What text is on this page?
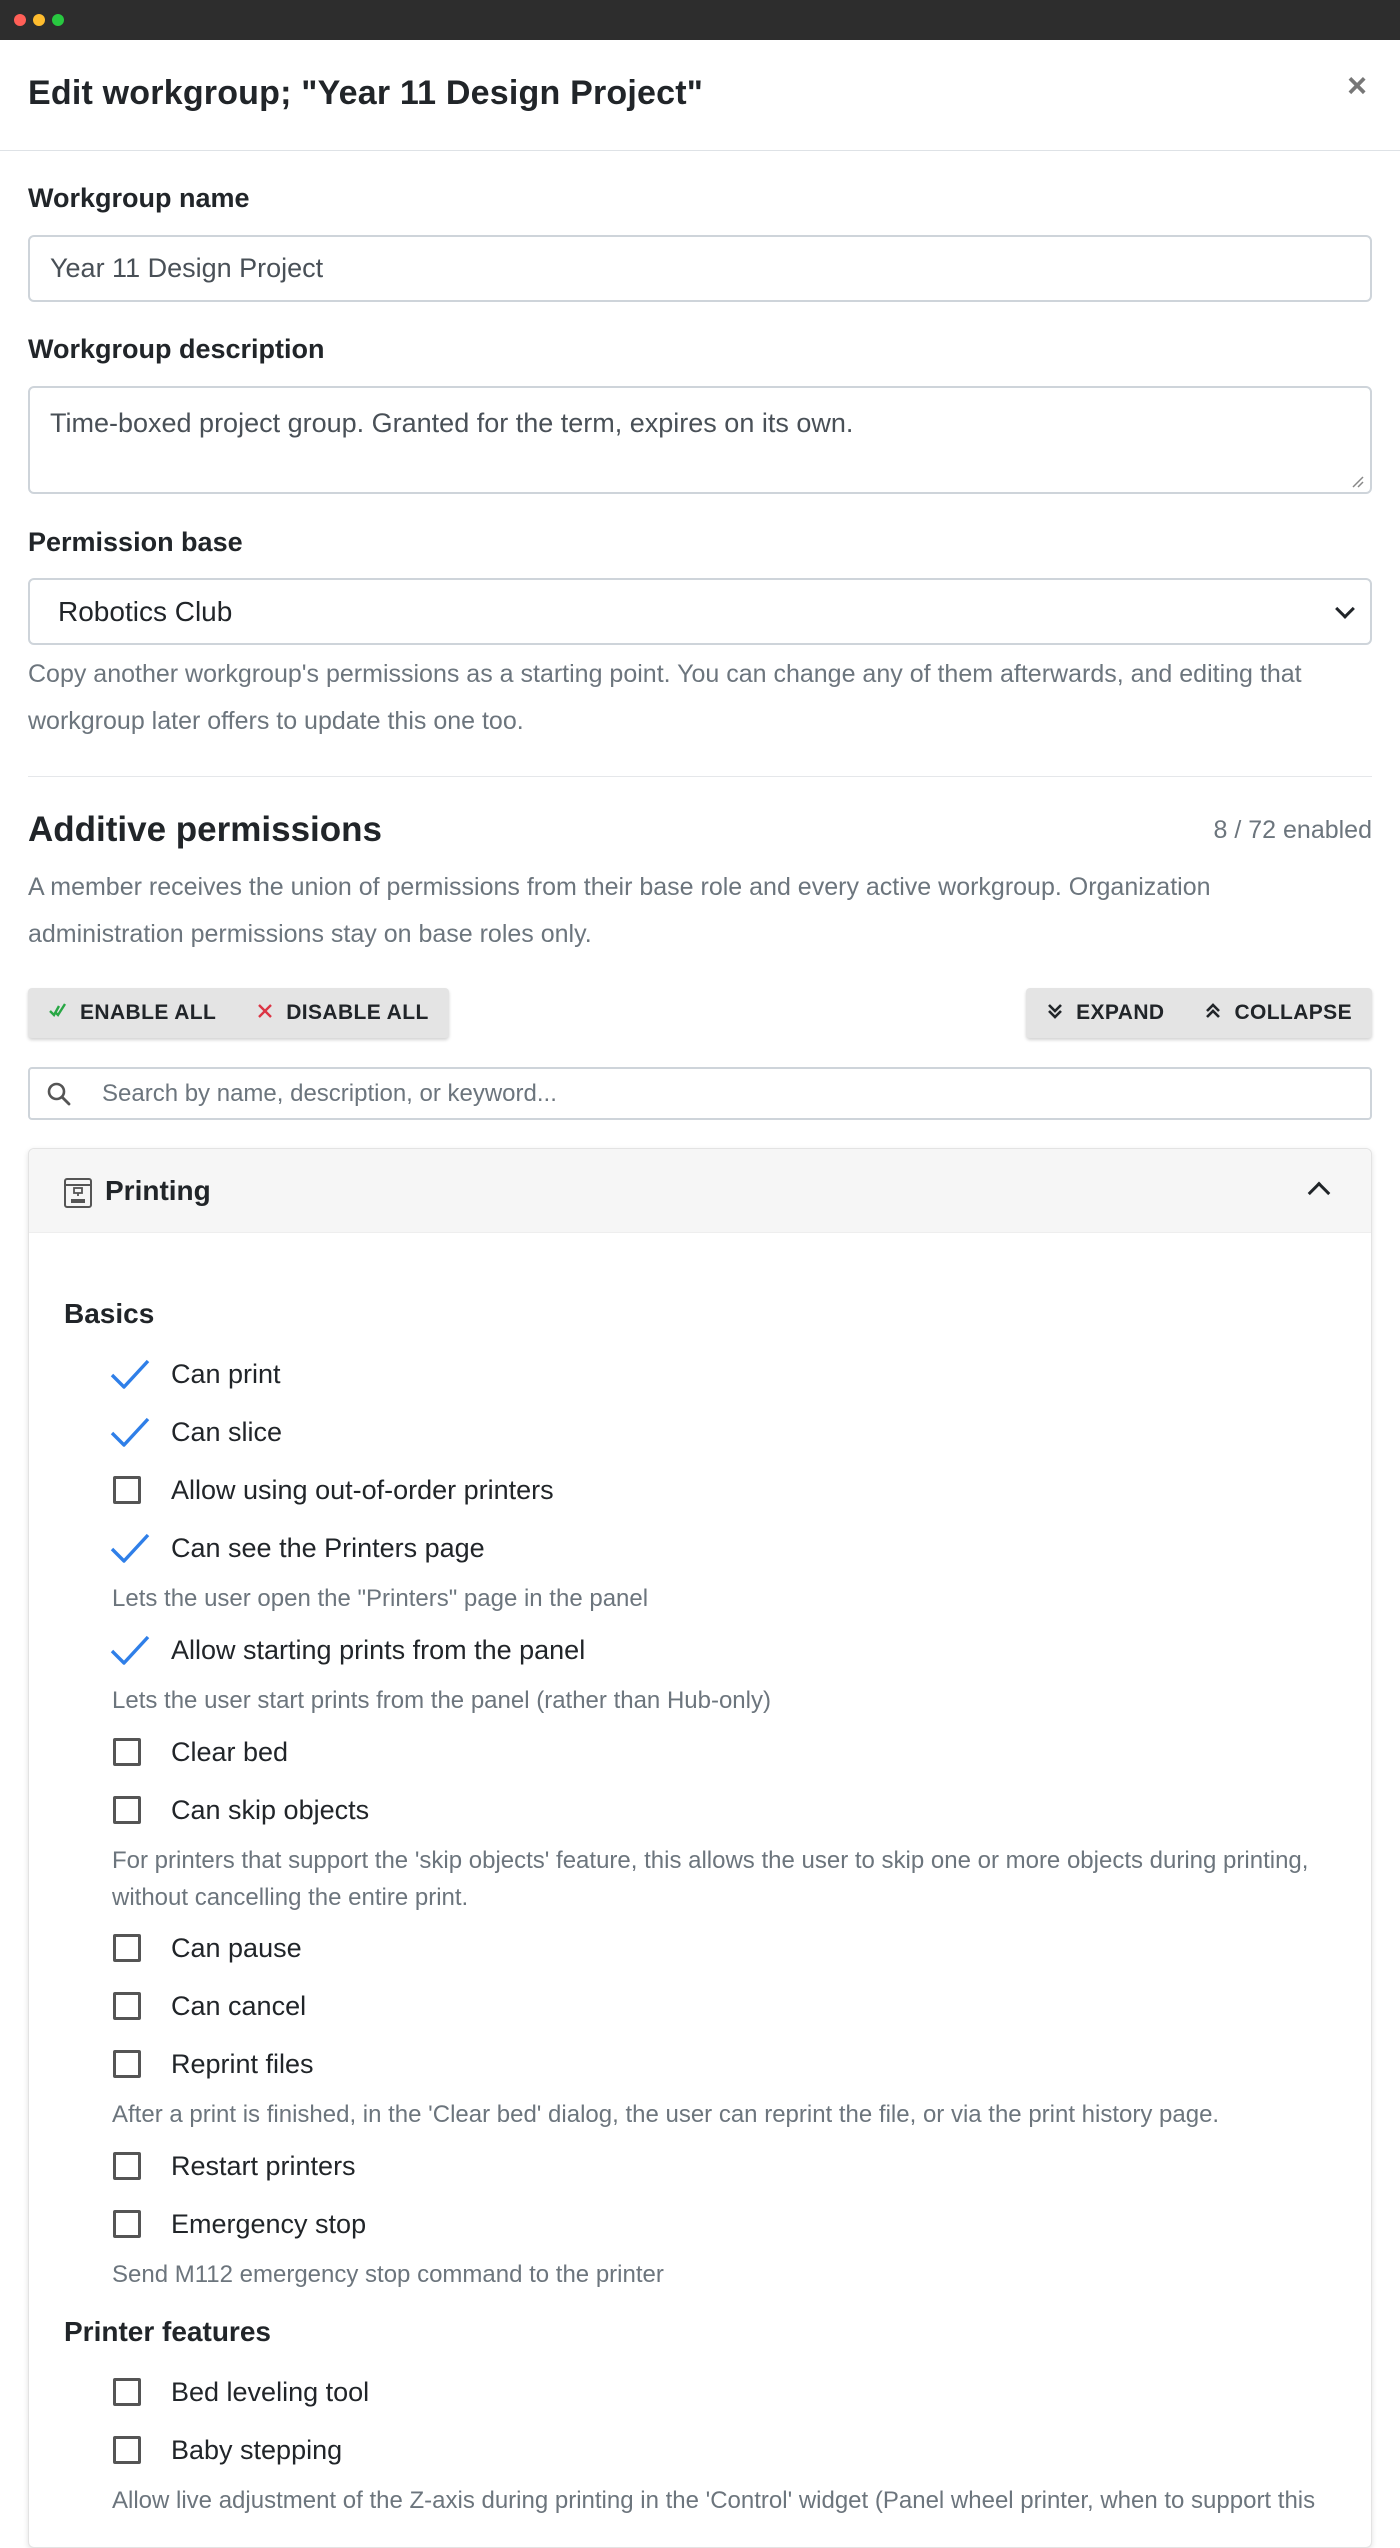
Edit workgroup; "Year 11 Design Project"	×
Workgroup name
Year 11 Design Project
Workgroup description
Time-boxed project group. Granted for the term, expires on its own.
Permission base
Robotics Club
Copy another workgroup's permissions as a starting point. You can change any of them afterwards, and editing that
workgroup later offers to update this one too.
Additive permissions	8 / 72 enabled
A member receives the union of permissions from their base role and every active workgroup. Organization
administration permissions stay on base roles only.
ENABLE ALL	DISABLE ALL	EXPAND	COLLAPSE
Search by name, description, or keyword...
Printing
Basics
Can print
Can slice
Allow using out-of-order printers
Can see the Printers page
Lets the user open the "Printers" page in the panel
Allow starting prints from the panel
Lets the user start prints from the panel (rather than Hub-only)
Clear bed
Can skip objects
For printers that support the 'skip objects' feature, this allows the user to skip one or more objects during printing,
without cancelling the entire print.
Can pause
Can cancel
Reprint files
After a print is finished, in the 'Clear bed' dialog, the user can reprint the file, or via the print history page.
Restart printers
Emergency stop
Send M112 emergency stop command to the printer
Printer features
Bed leveling tool
Baby stepping
Allow live adjustment of the Z-axis during printing in the 'Control' widget (Panel wheel printer, when to support this
